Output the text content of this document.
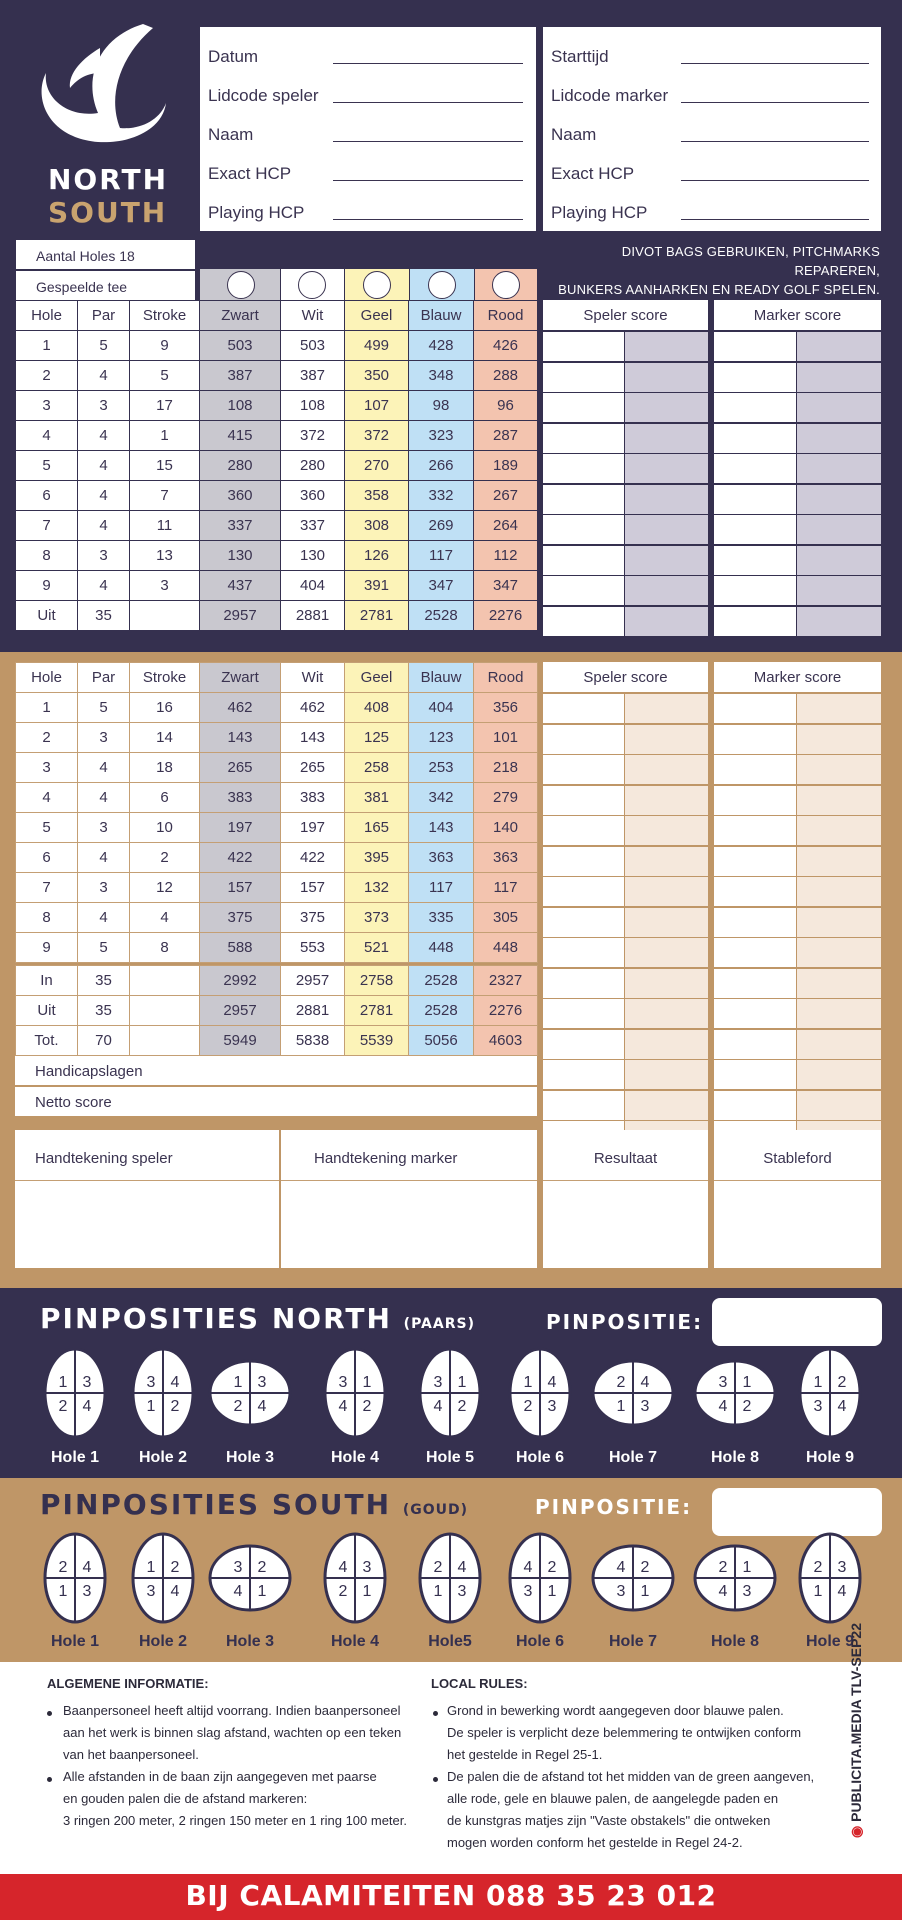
NORTH
SOUTH
Datum
Lidcode speler
Naam
Exact HCP
Playing HCP
Starttijd
Lidcode marker
Naam
Exact HCP
Playing HCP
Aantal Holes 18
Gespeelde tee
DIVOT BAGS GEBRUIKEN, PITCHMARKS REPAREREN,
BUNKERS AANHARKEN EN READY GOLF SPELEN.
Hole	Par	Stroke	Zwart	Wit	Geel	Blauw	Rood
1	5	9	503	503	499	428	426
2	4	5	387	387	350	348	288
3	3	17	108	108	107	98	96
4	4	1	415	372	372	323	287
5	4	15	280	280	270	266	189
6	4	7	360	360	358	332	267
7	4	11	337	337	308	269	264
8	3	13	130	130	126	117	112
9	4	3	437	404	391	347	347
Uit	35		2957	2881	2781	2528	2276
Speler score	Marker score
Hole	Par	Stroke	Zwart	Wit	Geel	Blauw	Rood
1	5	16	462	462	408	404	356
2	3	14	143	143	125	123	101
3	4	18	265	265	258	253	218
4	4	6	383	383	381	342	279
5	3	10	197	197	165	143	140
6	4	2	422	422	395	363	363
7	3	12	157	157	132	117	117
8	4	4	375	375	373	335	305
9	5	8	588	553	521	448	448
In	35		2992	2957	2758	2528	2327
Uit	35		2957	2881	2781	2528	2276
Tot.	70		5949	5838	5539	5056	4603
Speler score	Marker score
Handicapslagen
Netto score
Handtekening speler	Handtekening marker	Resultaat	Stableford
PINPOSITIES NORTH (PAARS)	PINPOSITIE:
1 3
2 4
Hole 1
3 4
1 2
Hole 2
1 3
2 4
Hole 3
3 1
4 2
Hole 4
3 1
4 2
Hole 5
1 4
2 3
Hole 6
2 4
1 3
Hole 7
3 1
4 2
Hole 8
1 2
3 4
Hole 9
PINPOSITIES SOUTH (GOUD)	PINPOSITIE:
2 4
1 3
Hole 1
1 2
3 4
Hole 2
3 2
4 1
Hole 3
4 3
2 1
Hole 4
2 4
1 3
Hole5
4 2
3 1
Hole 6
4 2
3 1
Hole 7
2 1
4 3
Hole 8
2 3
1 4
Hole 9
ALGEMENE INFORMATIE:
Baanpersoneel heeft altijd voorrang. Indien baanpersoneel
aan het werk is binnen slag afstand, wachten op een teken
van het baanpersoneel.
Alle afstanden in de baan zijn aangegeven met paarse
en gouden palen die de afstand markeren:
3 ringen 200 meter, 2 ringen 150 meter en 1 ring 100 meter.
LOCAL RULES:
Grond in bewerking wordt aangegeven door blauwe palen.
De speler is verplicht deze belemmering te ontwijken conform
het gestelde in Regel 25-1.
De palen die de afstand tot het midden van de green aangeven,
alle rode, gele en blauwe palen, de aangelegde paden en
de kunstgras matjes zijn "Vaste obstakels" die ontweken
mogen worden conform het gestelde in Regel 24-2.
◉ PUBLICITA.MEDIA TLV-SEP22
BIJ CALAMITEITEN 088 35 23 012
